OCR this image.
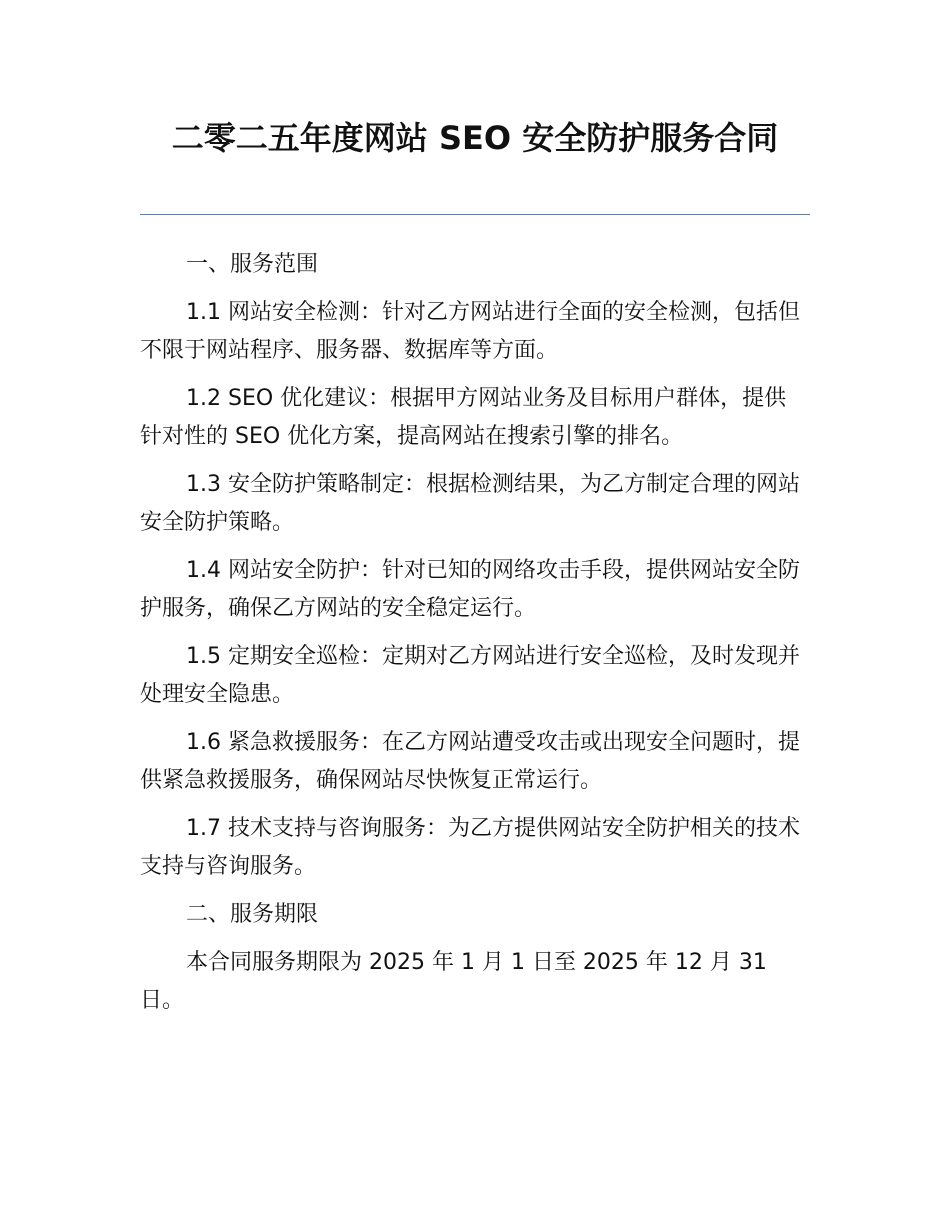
二零二五年度网站 SEO 安全防护服务合同

一、服务范围

1.1 网站安全检测：针对乙方网站进行全面的安全检测，包括但不限于网站程序、服务器、数据库等方面。

1.2 SEO 优化建议：根据甲方网站业务及目标用户群体，提供针对性的 SEO 优化方案，提高网站在搜索引擎的排名。

1.3 安全防护策略制定：根据检测结果，为乙方制定合理的网站安全防护策略。

1.4 网站安全防护：针对已知的网络攻击手段，提供网站安全防护服务，确保乙方网站的安全稳定运行。

1.5 定期安全巡检：定期对乙方网站进行安全巡检，及时发现并处理安全隐患。

1.6 紧急救援服务：在乙方网站遭受攻击或出现安全问题时，提供紧急救援服务，确保网站尽快恢复正常运行。

1.7 技术支持与咨询服务：为乙方提供网站安全防护相关的技术支持与咨询服务。

二、服务期限

本合同服务期限为 2025 年 1 月 1 日至 2025 年 12 月 31 日。
